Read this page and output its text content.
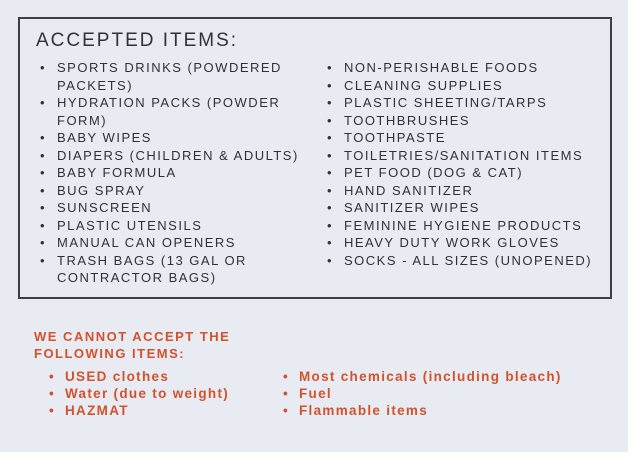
ACCEPTED ITEMS:
• SPORTS DRINKS (POWDERED PACKETS)
• HYDRATION PACKS (POWDER FORM)
• BABY WIPES
• DIAPERS (CHILDREN & ADULTS)
• BABY FORMULA
• BUG SPRAY
• SUNSCREEN
• PLASTIC UTENSILS
• MANUAL CAN OPENERS
• TRASH BAGS (13 GAL OR CONTRACTOR BAGS)
• NON-PERISHABLE FOODS
• CLEANING SUPPLIES
• PLASTIC SHEETING/TARPS
• TOOTHBRUSHES
• TOOTHPASTE
• TOILETRIES/SANITATION ITEMS
• PET FOOD (DOG & CAT)
• HAND SANITIZER
• SANITIZER WIPES
• FEMININE HYGIENE PRODUCTS
• HEAVY DUTY WORK GLOVES
• SOCKS - ALL SIZES (UNOPENED)
WE CANNOT ACCEPT THE
FOLLOWING ITEMS:
• USED clothes
• Water (due to weight)
• HAZMAT
• Most chemicals (including bleach)
• Fuel
• Flammable items
